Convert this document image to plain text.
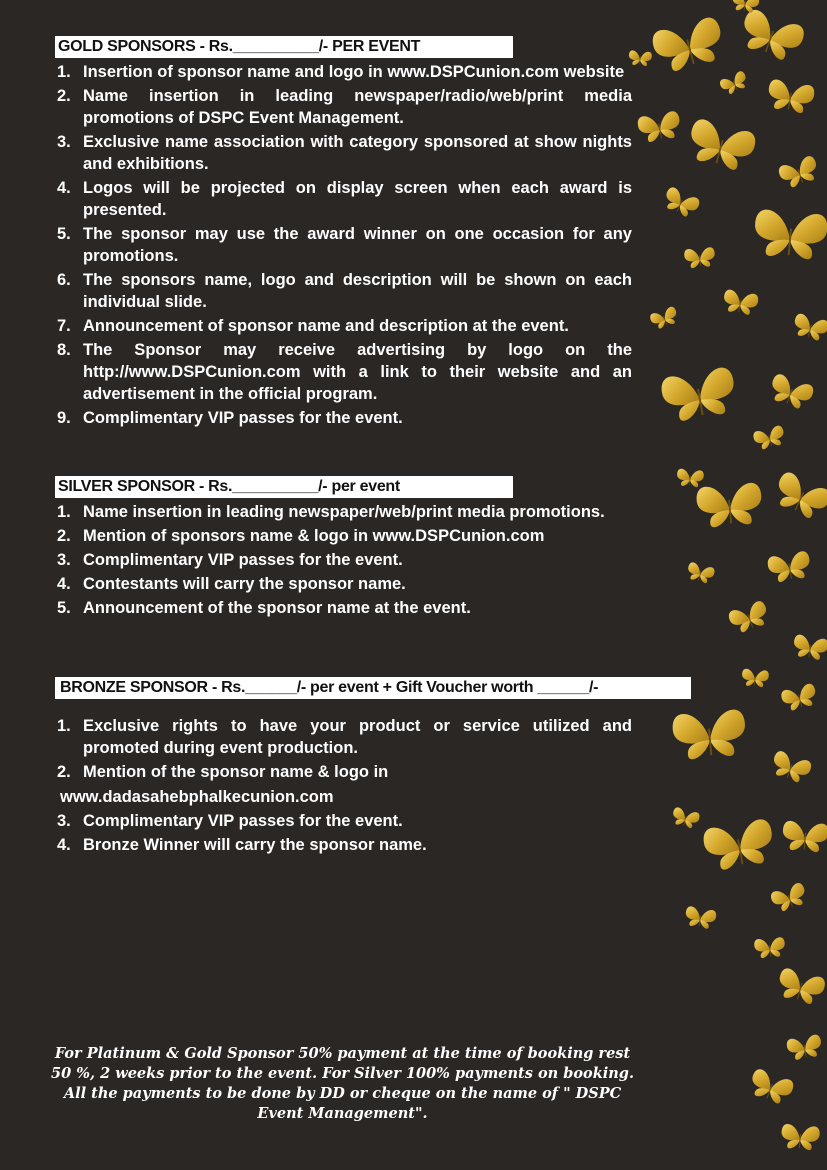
GOLD SPONSORS - Rs.__________/- PER EVENT
1. Insertion of sponsor name and logo in www.DSPCunion.com website
2. Name insertion in leading newspaper/radio/web/print media promotions of DSPC Event Management.
3. Exclusive name association with category sponsored at show nights and exhibitions.
4. Logos will be projected on display screen when each award is presented.
5. The sponsor may use the award winner on one occasion for any promotions.
6. The sponsors name, logo and description will be shown on each individual slide.
7. Announcement of sponsor name and description at the event.
8. The Sponsor may receive advertising by logo on the http://www.DSPCunion.com with a link to their website and an advertisement in the official program.
9. Complimentary VIP passes for the event.
SILVER SPONSOR - Rs.__________/- per event
1. Name insertion in leading newspaper/web/print media promotions.
2. Mention of sponsors name & logo in www.DSPCunion.com
3. Complimentary VIP passes for the event.
4. Contestants will carry the sponsor name.
5. Announcement of the sponsor name at the event.
BRONZE SPONSOR - Rs.______/- per event + Gift Voucher worth ______/-
1. Exclusive rights to have your product or service utilized and promoted during event production.
2. Mention of the sponsor name & logo in
www.dadasahebphalkecunion.com
3. Complimentary VIP passes for the event.
4. Bronze Winner will carry the sponsor name.
For Platinum & Gold Sponsor 50% payment at the time of booking rest
50 %, 2 weeks prior to the event. For Silver 100% payments on booking.
All the payments to be done by DD or cheque on the name of " DSPC
Event Management".
